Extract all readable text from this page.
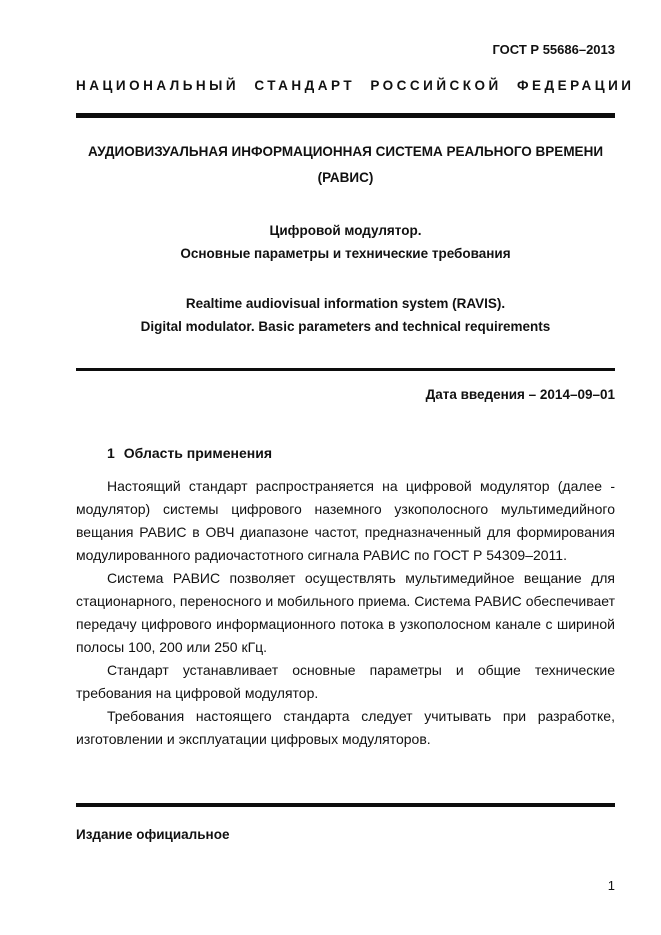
ГОСТ Р 55686–2013
НАЦИОНАЛЬНЫЙ СТАНДАРТ РОССИЙСКОЙ ФЕДЕРАЦИИ
АУДИОВИЗУАЛЬНАЯ ИНФОРМАЦИОННАЯ СИСТЕМА РЕАЛЬНОГО ВРЕМЕНИ
(РАВИС)
Цифровой модулятор.
Основные параметры и технические требования
Realtime audiovisual information system (RAVIS).
Digital modulator. Basic parameters and technical requirements
Дата введения – 2014–09–01
1 Область применения

Настоящий стандарт распространяется на цифровой модулятор (далее - модулятор) системы цифрового наземного узкополосного мультимедийного вещания РАВИС в ОВЧ диапазоне частот, предназначенный для формирования модулированного радиочастотного сигнала РАВИС по ГОСТ Р 54309–2011.

Система РАВИС позволяет осуществлять мультимедийное вещание для стационарного, переносного и мобильного приема. Система РАВИС обеспечивает передачу цифрового информационного потока в узкополосном канале с шириной полосы 100, 200 или 250 кГц.

Стандарт устанавливает основные параметры и общие технические требования на цифровой модулятор.

Требования настоящего стандарта следует учитывать при разработке, изготовлении и эксплуатации цифровых модуляторов.

Издание официальное
1
